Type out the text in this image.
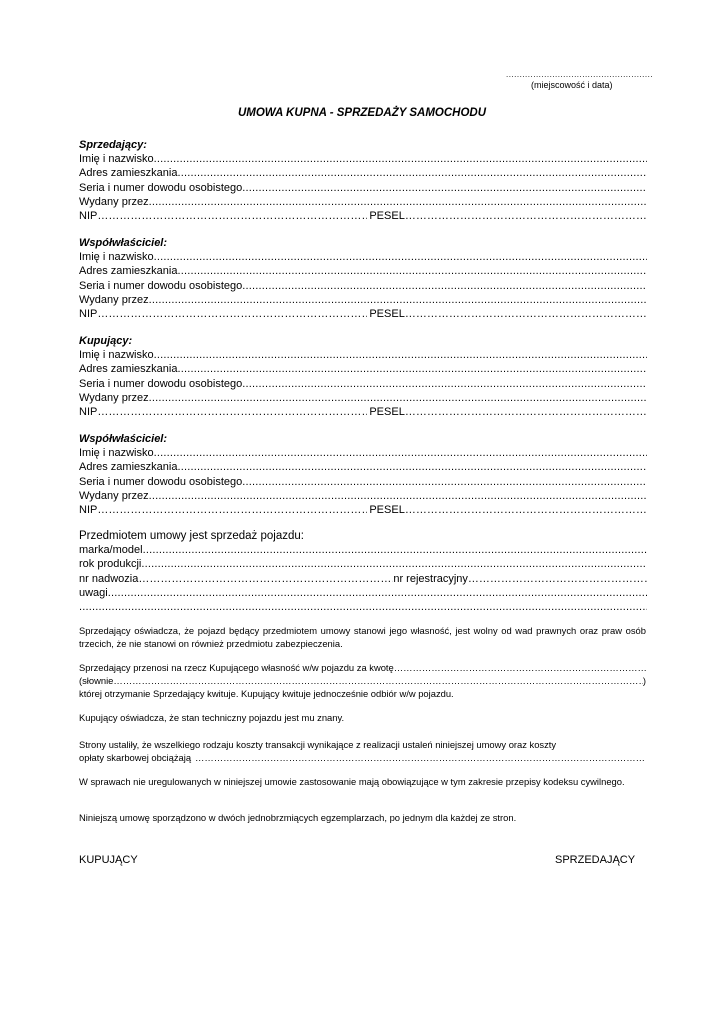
......................................................
(miejscowość i data)
UMOWA KUPNA - SPRZEDAŻY SAMOCHODU
Sprzedający:
Imię i nazwisko
.....
Adres zamieszkania
.....
Seria i numer dowodu osobistego
.....
Wydany przez
.....
NIP …………………………………………………………………………………………………………………………………………………………………………………	PESEL
…………………………………………………………………………………………………………………………………………………………………………………
Współwłaściciel:
Imię i nazwisko
.....
Adres zamieszkania
.....
Seria i numer dowodu osobistego
.....
Wydany przez
.....
NIP …………………………………………………………………………………………………………………………………………………………………………………	PESEL
…………………………………………………………………………………………………………………………………………………………………………………
Kupujący:
Imię i nazwisko
.....
Adres zamieszkania
.....
Seria i numer dowodu osobistego
.....
Wydany przez
.....
NIP …………………………………………………………………………………………………………………………………………………………………………………	PESEL
…………………………………………………………………………………………………………………………………………………………………………………
Współwłaściciel:
Imię i nazwisko
.....
Adres zamieszkania
.....
Seria i numer dowodu osobistego
.....
Wydany przez
.....
NIP …………………………………………………………………………………………………………………………………………………………………………………	PESEL
…………………………………………………………………………………………………………………………………………………………………………………
Przedmiotem umowy jest sprzedaż pojazdu:
marka/model
.....
rok produkcji
.....
nr nadwozia …………………………………………………………………………………………………………………………………………………………………………………	nr rejestracyjny
…………………………………………………………………………………………………………………………………………………………………………………
uwagi
.....
.....
Sprzedający oświadcza, że pojazd będący przedmiotem umowy stanowi jego własność, jest wolny od wad prawnych oraz praw osób trzecich, że nie stanowi on również przedmiotu zabezpieczenia.
Sprzedający przenosi na rzecz Kupującego własność w/w pojazdu za kwotę
…………………………………………………………………………………………………………………………………………………………………………………
(słownie …………………………………………………………………………………………………………………………………………………………………………………	)
której otrzymanie Sprzedający kwituje. Kupujący kwituje jednocześnie odbiór w/w pojazdu.
Kupujący oświadcza, że stan techniczny pojazdu jest mu znany.
Strony ustaliły, że wszelkiego rodzaju koszty transakcji wynikające z realizacji ustaleń niniejszej umowy oraz koszty
opłaty skarbowej obciążają
…………………………………………………………………………………………………………………………………………………………………………………
W sprawach nie uregulowanych w niniejszej umowie zastosowanie mają obowiązujące w tym zakresie przepisy kodeksu cywilnego.
Niniejszą umowę sporządzono w dwóch jednobrzmiących egzemplarzach, po jednym dla każdej ze stron.
KUPUJĄCY	SPRZEDAJĄCY
